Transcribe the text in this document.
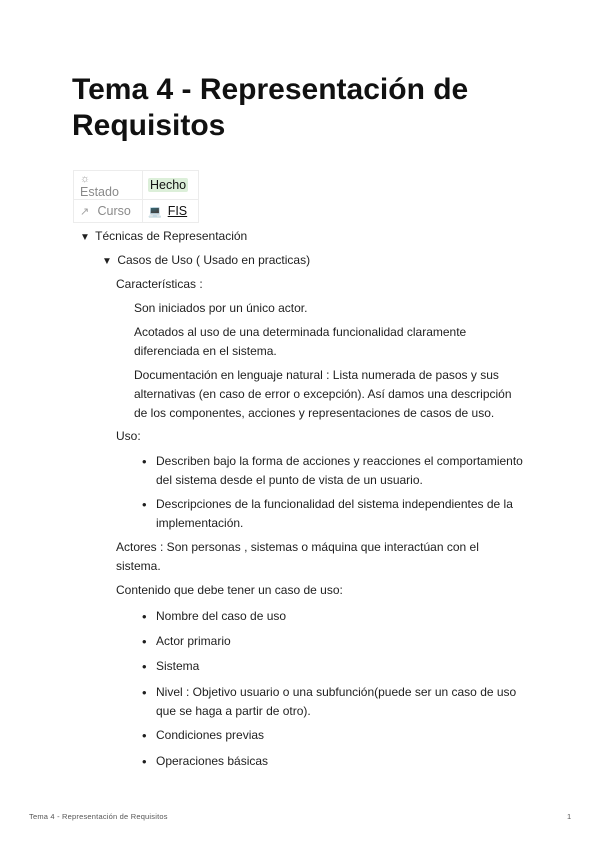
Tema 4 - Representación de Requisitos
☼ Estado	Hecho
↗ Curso	💻 FIS
▼ Técnicas de Representación
▼ Casos de Uso ( Usado en practicas)
Características :
Son iniciados por un único actor.
Acotados al uso de una determinada funcionalidad claramente
diferenciada en el sistema.
Documentación en lenguaje natural : Lista numerada de pasos y sus
alternativas (en caso de error o excepción). Así damos una descripción
de los componentes, acciones y representaciones de casos de uso.
Uso:
• Describen bajo la forma de acciones y reacciones el comportamiento
del sistema desde el punto de vista de un usuario.
• Descripciones de la funcionalidad del sistema independientes de la
implementación.
Actores : Son personas , sistemas o máquina que interactúan con el
sistema.
Contenido que debe tener un caso de uso:
• Nombre del caso de uso
• Actor primario
• Sistema
• Nivel : Objetivo usuario o una subfunción(puede ser un caso de uso
que se haga a partir de otro).
• Condiciones previas
• Operaciones básicas
Tema 4 - Representación de Requisitos	1
